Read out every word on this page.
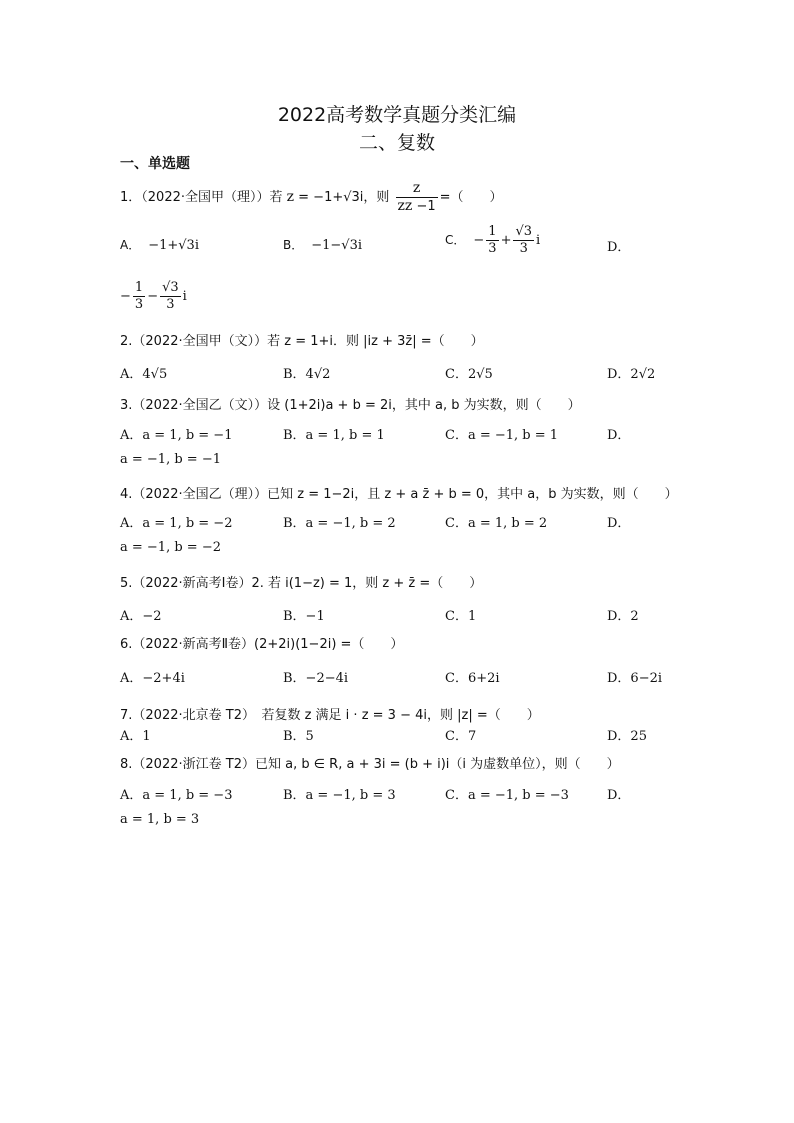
2022高考数学真题分类汇编
二、复数
一、单选题
1．（2022·全国甲（理））若 z = −1+√3i，则 $\frac{z}{z\overline{z} -1}$ =（　　）
A． −1+√3i	B． −1−√3i	C． − $\frac{1}{3} + \frac{√3}{3}$ i	D．
− $\frac{1}{3} - \frac{√3}{3}$ i
2.（2022·全国甲（文））若 z = 1+i．则 |iz + 3z̄| =（　　）
A．4√5	B．4√2	C．2√5	D．2√2
3.（2022·全国乙（文））设 (1+2i)a + b = 2i，其中 a, b 为实数，则（　　）
A．a = 1, b = −1	B．a = 1, b = 1	C．a = −1, b = 1	D．
a = −1, b = −1
4.（2022·全国乙（理））已知 z = 1−2i，且 z + a z̄ + b = 0，其中 a，b 为实数，则（　　）
A．a = 1, b = −2	B．a = −1, b = 2	C．a = 1, b = 2	D．
a = −1, b = −2
5.（2022·新高考Ⅰ卷）2. 若 i(1−z) = 1，则 z + z̄ =（　　）
A．−2	B．−1	C．1	D．2
6.（2022·新高考Ⅱ卷）(2+2i)(1−2i) =（　　）
A．−2+4i	B．−2−4i	C．6+2i	D．6−2i
7.（2022·北京卷 T2）　若复数 z 满足 i · z = 3 − 4i，则 |z| =（　　）
A．1	B．5	C．7	D．25
8.（2022·浙江卷 T2）已知 a, b ∈ R, a + 3i = (b + i)i（i 为虚数单位），则（　　）
A．a = 1, b = −3	B．a = −1, b = 3	C．a = −1, b = −3	D．
a = 1, b = 3
